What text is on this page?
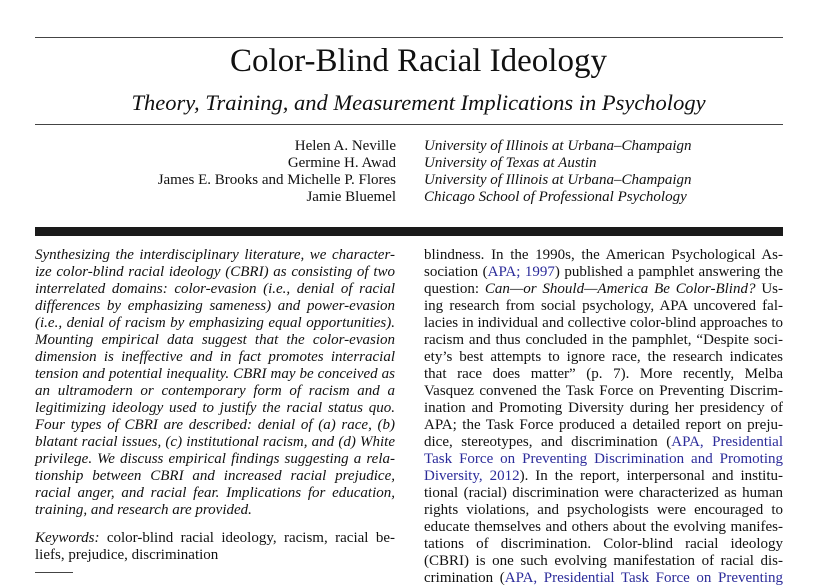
Color-Blind Racial Ideology
Theory, Training, and Measurement Implications in Psychology
Helen A. Neville
Germine H. Awad
James E. Brooks and Michelle P. Flores
Jamie Bluemel
University of Illinois at Urbana–Champaign
University of Texas at Austin
University of Illinois at Urbana–Champaign
Chicago School of Professional Psychology
Synthesizing the interdisciplinary literature, we character-
ize color-blind racial ideology (CBRI) as consisting of two
interrelated domains: color-evasion (i.e., denial of racial
differences by emphasizing sameness) and power-evasion
(i.e., denial of racism by emphasizing equal opportunities).
Mounting empirical data suggest that the color-evasion
dimension is ineffective and in fact promotes interracial
tension and potential inequality. CBRI may be conceived as
an ultramodern or contemporary form of racism and a
legitimizing ideology used to justify the racial status quo.
Four types of CBRI are described: denial of (a) race, (b)
blatant racial issues, (c) institutional racism, and (d) White
privilege. We discuss empirical findings suggesting a rela-
tionship between CBRI and increased racial prejudice,
racial anger, and racial fear. Implications for education,
training, and research are provided.
Keywords: color-blind racial ideology, racism, racial be-
liefs, prejudice, discrimination
blindness. In the 1990s, the American Psychological As-
sociation (APA; 1997) published a pamphlet answering the
question: Can—or Should—America Be Color-Blind? Us-
ing research from social psychology, APA uncovered fal-
lacies in individual and collective color-blind approaches to
racism and thus concluded in the pamphlet, “Despite soci-
ety’s best attempts to ignore race, the research indicates
that race does matter” (p. 7). More recently, Melba
Vasquez convened the Task Force on Preventing Discrim-
ination and Promoting Diversity during her presidency of
APA; the Task Force produced a detailed report on preju-
dice, stereotypes, and discrimination (APA, Presidential
Task Force on Preventing Discrimination and Promoting
Diversity, 2012). In the report, interpersonal and institu-
tional (racial) discrimination were characterized as human
rights violations, and psychologists were encouraged to
educate themselves and others about the evolving manifes-
tations of discrimination. Color-blind racial ideology
(CBRI) is one such evolving manifestation of racial dis-
crimination (APA, Presidential Task Force on Preventing
